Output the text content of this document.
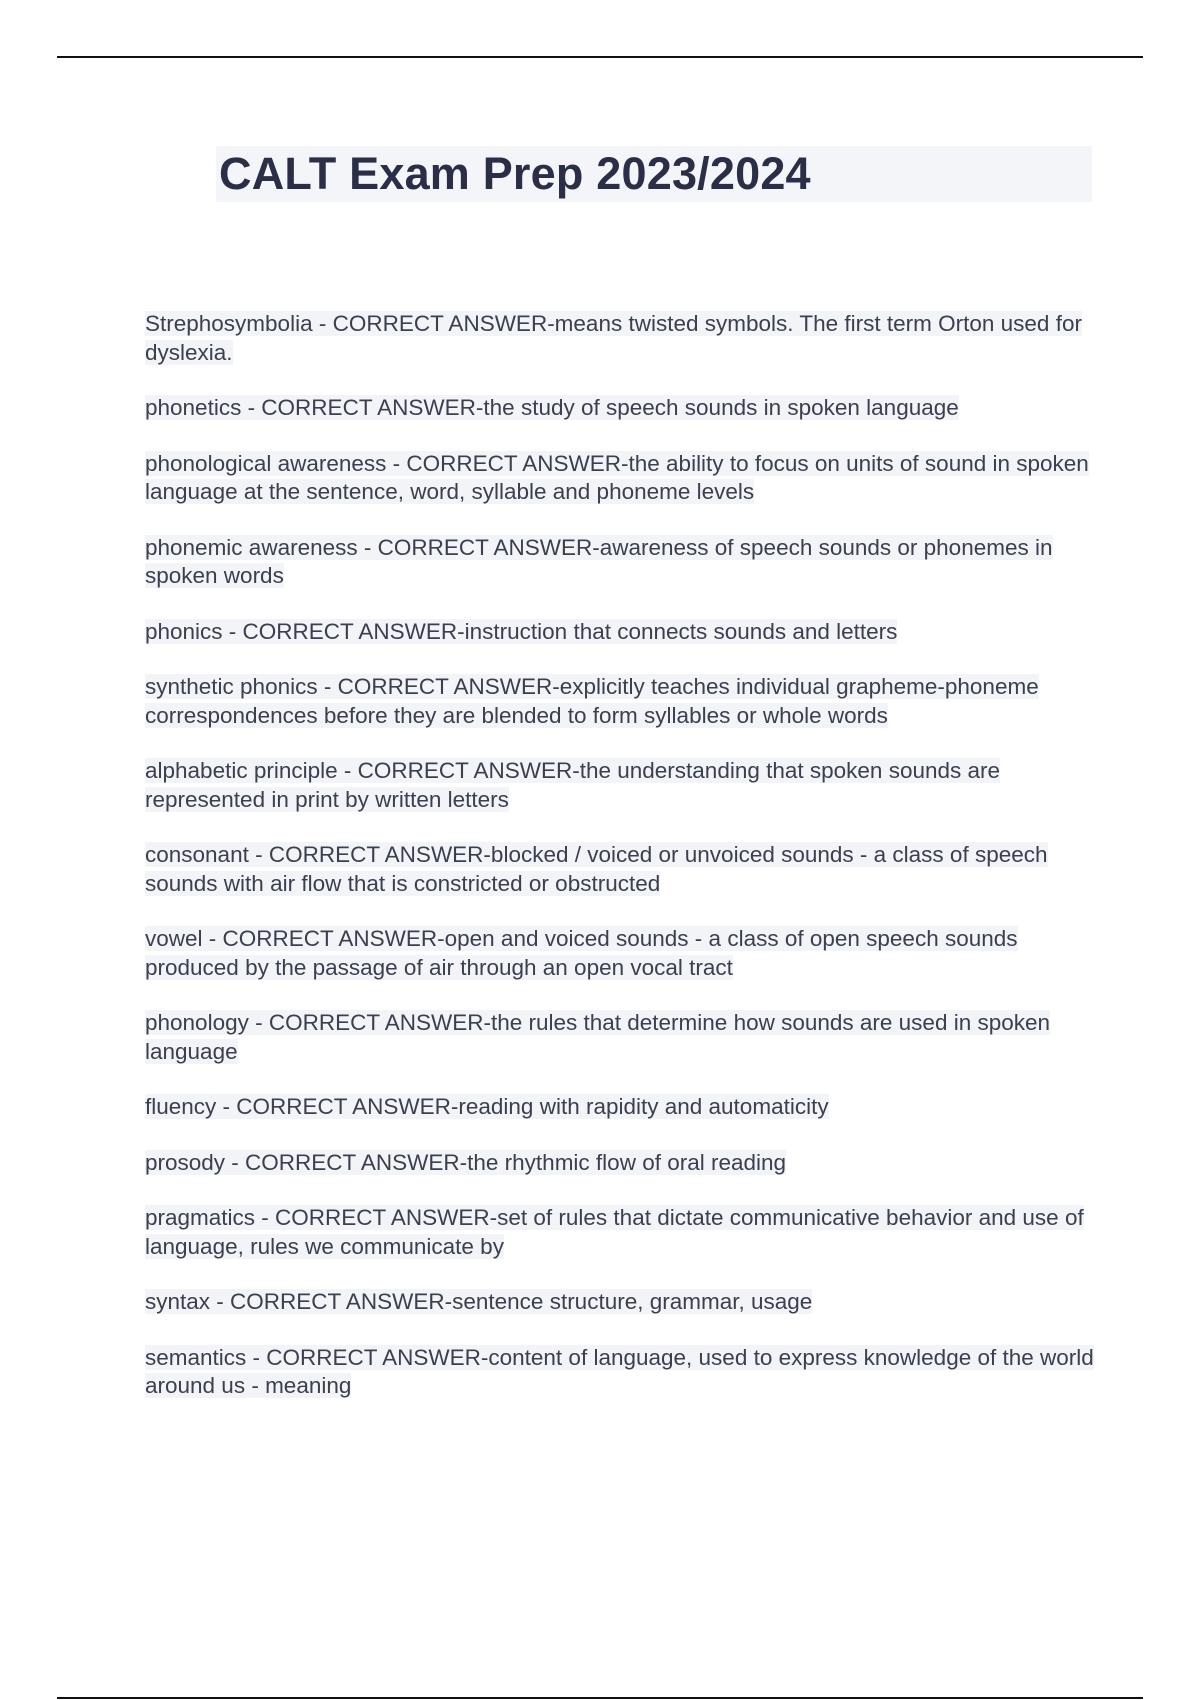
CALT Exam Prep 2023/2024
Strephosymbolia - CORRECT ANSWER-means twisted symbols. The first term Orton used for dyslexia.
phonetics - CORRECT ANSWER-the study of speech sounds in spoken language
phonological awareness - CORRECT ANSWER-the ability to focus on units of sound in spoken language at the sentence, word, syllable and phoneme levels
phonemic awareness - CORRECT ANSWER-awareness of speech sounds or phonemes in spoken words
phonics - CORRECT ANSWER-instruction that connects sounds and letters
synthetic phonics - CORRECT ANSWER-explicitly teaches individual grapheme-phoneme correspondences before they are blended to form syllables or whole words
alphabetic principle - CORRECT ANSWER-the understanding that spoken sounds are represented in print by written letters
consonant - CORRECT ANSWER-blocked / voiced or unvoiced sounds - a class of speech sounds with air flow that is constricted or obstructed
vowel - CORRECT ANSWER-open and voiced sounds - a class of open speech sounds produced by the passage of air through an open vocal tract
phonology - CORRECT ANSWER-the rules that determine how sounds are used in spoken language
fluency - CORRECT ANSWER-reading with rapidity and automaticity
prosody - CORRECT ANSWER-the rhythmic flow of oral reading
pragmatics - CORRECT ANSWER-set of rules that dictate communicative behavior and use of language, rules we communicate by
syntax - CORRECT ANSWER-sentence structure, grammar, usage
semantics - CORRECT ANSWER-content of language, used to express knowledge of the world around us - meaning
